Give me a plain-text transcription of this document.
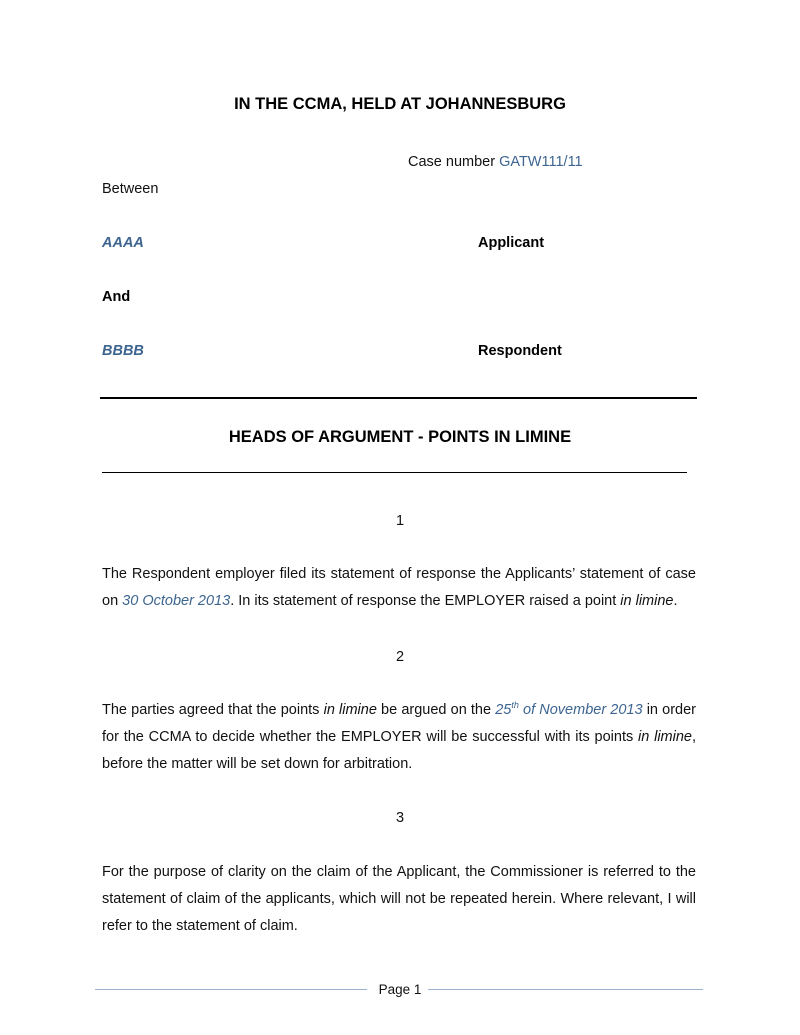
IN THE CCMA, HELD AT JOHANNESBURG
Case number GATW111/11
Between
AAAA	Applicant
And
BBBB	Respondent
HEADS OF ARGUMENT - POINTS IN LIMINE
1
The Respondent employer filed its statement of response the Applicants’ statement of case on 30 October 2013. In its statement of response the EMPLOYER raised a point in limine.
2
The parties agreed that the points in limine be argued on the 25th of November 2013 in order for the CCMA to decide whether the EMPLOYER will be successful with its points in limine, before the matter will be set down for arbitration.
3
For the purpose of clarity on the claim of the Applicant, the Commissioner is referred to the statement of claim of the applicants, which will not be repeated herein. Where relevant, I will refer to the statement of claim.
Page 1
